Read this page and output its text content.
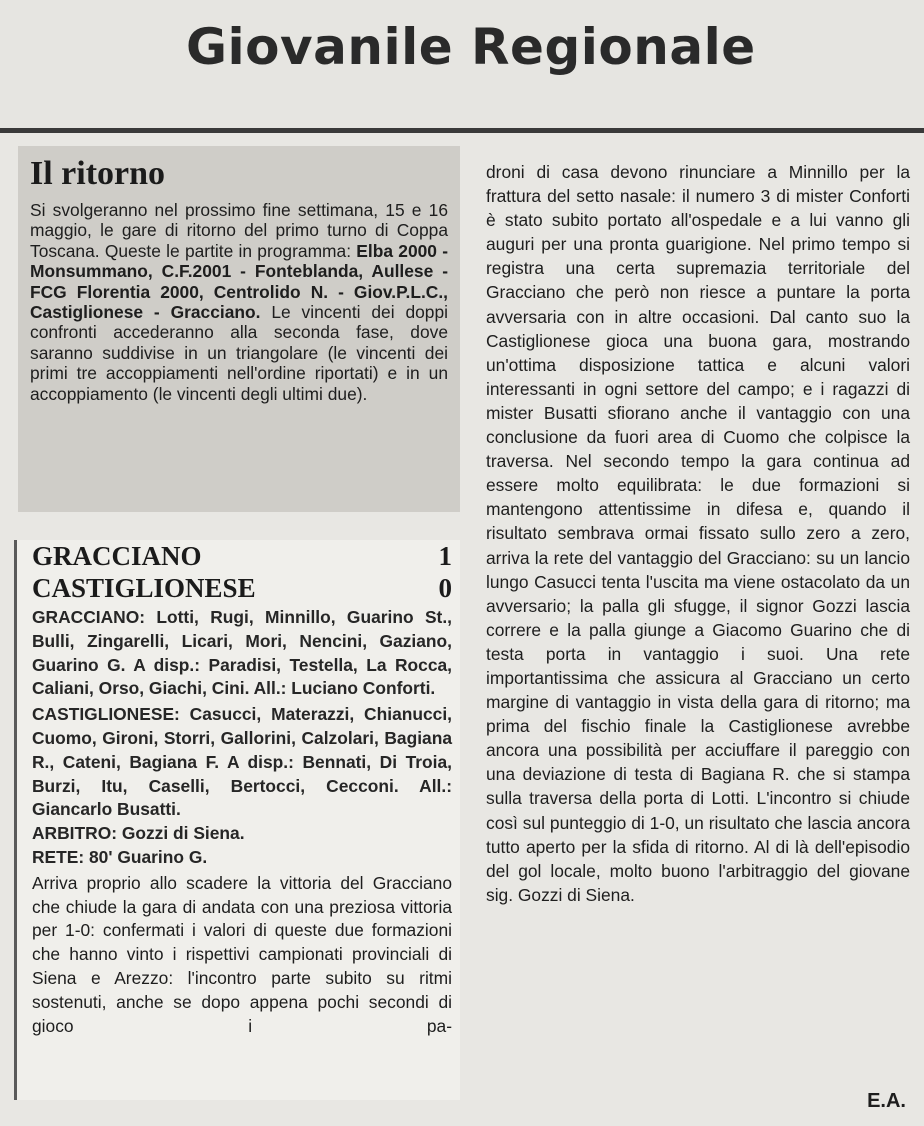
Giovanile Regionale
Il ritorno

Si svolgeranno nel prossimo fine settimana, 15 e 16 maggio, le gare di ritorno del primo turno di Coppa Toscana. Queste le partite in programma: Elba 2000 - Monsummano, C.F.2001 - Fonteblanda, Aullese - FCG Florentia 2000, Centrolido N. - Giov.P.L.C., Castiglionese - Gracciano. Le vincenti dei doppi confronti accederanno alla seconda fase, dove saranno suddivise in un triangolare (le vincenti dei primi tre accoppiamenti nell'ordine riportati) e in un accoppiamento (le vincenti degli ultimi due).

GRACCIANO	1
CASTIGLIONESE	0

GRACCIANO: Lotti, Rugi, Minnillo, Guarino St., Bulli, Zingarelli, Licari, Mori, Nencini, Gaziano, Guarino G. A disp.: Paradisi, Testella, La Rocca, Caliani, Orso, Giachi, Cini. All.: Luciano Conforti.

CASTIGLIONESE: Casucci, Materazzi, Chianucci, Cuomo, Gironi, Storri, Gallorini, Calzolari, Bagiana R., Cateni, Bagiana F. A disp.: Bennati, Di Troia, Burzi, Itu, Caselli, Bertocci, Cecconi. All.: Giancarlo Busatti.

ARBITRO: Gozzi di Siena.

RETE: 80' Guarino G.

Arriva proprio allo scadere la vittoria del Gracciano che chiude la gara di andata con una preziosa vittoria per 1-0: confermati i valori di queste due formazioni che hanno vinto i rispettivi campionati provinciali di Siena e Arezzo: l'incontro parte subito su ritmi sostenuti, anche se dopo appena pochi secondi di gioco i pa-

droni di casa devono rinunciare a Minnillo per la frattura del setto nasale: il numero 3 di mister Conforti è stato subito portato all'ospedale e a lui vanno gli auguri per una pronta guarigione. Nel primo tempo si registra una certa supremazia territoriale del Gracciano che però non riesce a puntare la porta avversaria con in altre occasioni. Dal canto suo la Castiglionese gioca una buona gara, mostrando un'ottima disposizione tattica e alcuni valori interessanti in ogni settore del campo; e i ragazzi di mister Busatti sfiorano anche il vantaggio con una conclusione da fuori area di Cuomo che colpisce la traversa. Nel secondo tempo la gara continua ad essere molto equilibrata: le due formazioni si mantengono attentissime in difesa e, quando il risultato sembrava ormai fissato sullo zero a zero, arriva la rete del vantaggio del Gracciano: su un lancio lungo Casucci tenta l'uscita ma viene ostacolato da un avversario; la palla gli sfugge, il signor Gozzi lascia correre e la palla giunge a Giacomo Guarino che di testa porta in vantaggio i suoi. Una rete importantissima che assicura al Gracciano un certo margine di vantaggio in vista della gara di ritorno; ma prima del fischio finale la Castiglionese avrebbe ancora una possibilità per acciuffare il pareggio con una deviazione di testa di Bagiana R. che si stampa sulla traversa della porta di Lotti. L'incontro si chiude così sul punteggio di 1-0, un risultato che lascia ancora tutto aperto per la sfida di ritorno. Al di là dell'episodio del gol locale, molto buono l'arbitraggio del giovane sig. Gozzi di Siena.

E.A.
